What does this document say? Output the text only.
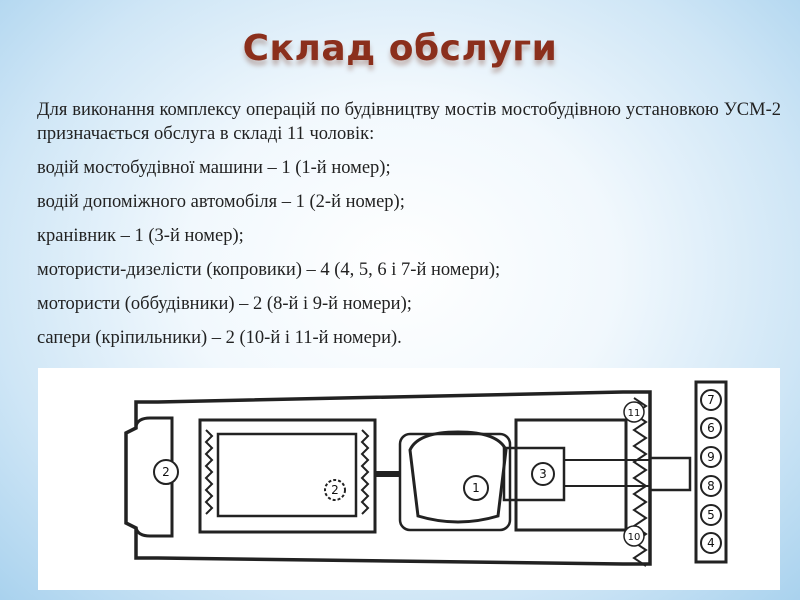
Склад обслуги

Для виконання комплексу операцій по будівництву мостів мостобудівною установкою УСМ-2 призначається обслуга в складі 11 чоловік:

водій мостобудівної машини – 1 (1-й номер);
водій допоміжного автомобіля – 1 (2-й номер);
кранівник – 1 (3-й номер);
мотористи-дизелісти (копровики) – 4 (4, 5, 6 і 7-й номери);
мотористи (оббудівники) – 2 (8-й і 9-й номери);
сапери (кріпильники) – 2 (10-й і 11-й номери).
2
2	1
3
11
10
7
6
9
8
5
4
